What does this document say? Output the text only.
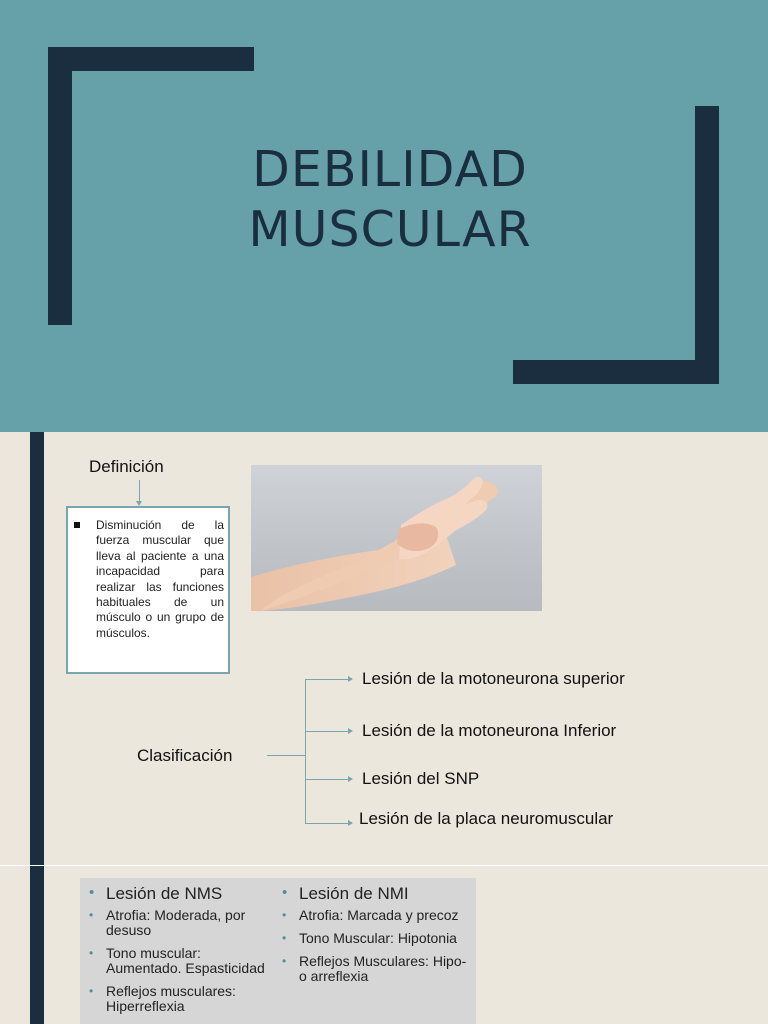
DEBILIDAD
MUSCULAR
Definición

Disminución de la fuerza muscular que lleva al paciente a una incapacidad para realizar las funciones habituales de un músculo o un grupo de músculos.

Clasificación
Lesión de la motoneurona superior
Lesión de la motoneurona Inferior
Lesión del SNP
Lesión de la placa neuromuscular

• Lesión de NMS

• Atrofia: Moderada, por desuso
• Tono muscular: Aumentado. Espasticidad
• Reflejos musculares: Hiperreflexia

• Lesión de NMI

• Atrofia: Marcada y precoz
• Tono Muscular: Hipotonia
• Reflejos Musculares: Hipo- o arreflexia
